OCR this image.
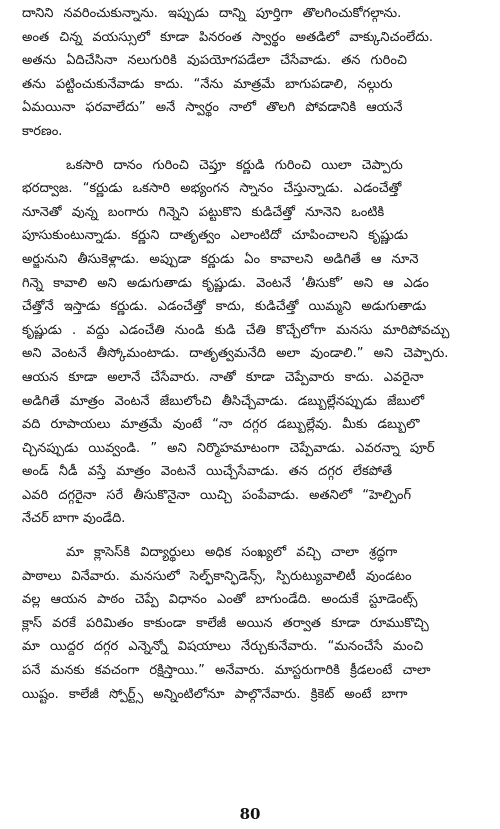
దానిని నవరించుకున్నాను. ఇప్పుడు దాన్ని పూర్తిగా తొలగించుకోగల్గాను.
అంత చిన్న వయస్సులో కూడా పినరంత స్వార్థం అతడిలో వాక్కునిచంలేదు.
అతను ఏదిచేసినా నలుగురికి వుపయోగపడేలా చేసేవాడు. తన గురించి
తను పట్టించుకునేవాడు కాదు. “నేను మాత్రమే బాగుపడాలి, నల్గురు
ఏమయినా ఫరవాలేదు” అనే స్వార్థం నాలో తొలగి పోవడానికి ఆయనే
కారణం.
ఒకసారి దానం గురించి చెప్తూ కర్ణుడి గురించి యిలా చెప్పారు
భరద్వాజ. “కర్ణుడు ఒకసారి అభ్యంగన స్నానం చేస్తున్నాడు. ఎడంచేత్తో
నూనెతో వున్న బంగారు గిన్నెని పట్టుకొని కుడిచేత్తో నూనెని ఒంటికి
పూసుకుంటున్నాడు. కర్ణుని దాతృత్వం ఎలాంటిదో చూపించాలని కృష్ణుడు
అర్జునుని తీసుకెళ్లాడు. అప్పుడా కర్ణుడు ఏం కావాలని అడిగితే ఆ నూనె
గిన్నె కావాలి అని అడుగుతాడు కృష్ణుడు. వెంటనే ‘తీసుకో’ అని ఆ ఎడం
చేత్తోనే ఇస్తాడు కర్ణుడు. ఎడంచేత్తో కాదు, కుడిచేత్తో యిమ్మని అడుగుతాడు
కృష్ణుడు . వద్దు ఎడంచేతి నుండి కుడి చేతి కొచ్చేలోగా మనసు మారిపోవచ్చు
అని వెంటనే తీస్కోమంటాడు. దాతృత్వమనేది అలా వుండాలి.” అని చెప్పారు.
ఆయన కూడా అలానే చేసేవారు. నాతో కూడా చెప్పేవారు కాదు. ఎవరైనా
అడిగితే మాత్రం వెంటనే జేబులోంచి తీసిచ్చేవాడు. డబ్బుల్లేనప్పుడు జేబులో
వది రూపాయలు మాత్రమే వుంటే “నా దగ్గర డబ్బుల్లేవు. మీకు డబ్బులొ
చ్చినప్పుడు యివ్వండి. ” అని నిర్మొహమాటంగా చెప్పేవాడు. ఎవరన్నా పూర్
అండ్ నీడీ వస్తే మాత్రం వెంటనే యిచ్చేసేవాడు. తన దగ్గర లేకపోతే
ఎవరి దగ్గరైనా సరే తీసుకొనైనా యిచ్చి పంపేవాడు. అతనిలో “హెల్పింగ్
నేచర్ బాగా వుండేది.
మా క్లాసెస్‌కి విద్యార్థులు అధిక సంఖ్యలో వచ్చి చాలా శ్రద్ధగా
పాఠాలు వినేవారు. మనసులో సెల్ఫ్‌కాన్ఫిడెన్స్, స్పిరుట్యువాలిటీ వుండటం
వల్ల ఆయన పాఠం చెప్పే విధానం ఎంతో బాగుండేది. అందుకే స్టూడెంట్స్
క్లాస్ వరకే పరిమితం కాకుండా కాలేజీ అయిన తర్వాత కూడా రూముకొచ్చి
మా యిద్దర దగ్గర ఎన్నెన్నో విషయాలు నేర్చుకునేవారు. “మనంచేసే మంచి
పనే మనకు కవచంగా రక్షిస్తాయి.” అనేవారు. మాస్టరుగారికి క్రీడలంటే చాలా
యిష్టం. కాలేజీ స్పోర్ట్స్ అన్నింటిలోనూ పాల్గొనేవారు. క్రికెట్ అంటే బాగా
80
